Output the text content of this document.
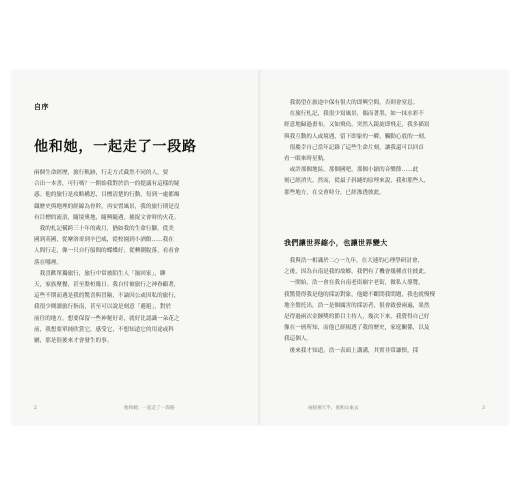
自序
他和她，一起走了一段路

兩個生命經歷，旅行軌跡，行走方式截然不同的人，要

合出一本書，可行嗎？一開始我對於浩一的提議有這樣的疑

惑。他的旅行是攻略構思，目標清楚的行動，每到一處都爆

織歷史與地理的經線為骨幹，再安置風景，我的旅行則是沒

有目標的流浪，隨境奧地，隨興隨遇，捕捉文會時的火花。

　我的札記橫跨三十年的歲月，猶如我的生命行腳，從美

國到英國，從摩洛哥到辛巴威，從校園到小酒館……我在

人間行走，像一只自行船間的蝶蝶好，從轉側脫落，看看會

落在哪裡。

　我喜歡單獨旅行，旅行中常被陌生人「撿回家」，聊

天，家族聚餐，甚至盤桓幾日。我自付被旅行之神眷顧著，

這些不期而遇是我的驚喜與冒險，不論因公或因私的旅行，

我很少閱讀旅行指南，甚至可以說是刻意「避避」，對於

前往的地方，想要保留一些神秘好奇，就好比認識一朵花之

前，我想要單純欣賞它，感受它，不想知道它的用途或科

屬，那是很後來才會發生的事。

2	他和她：一起走了一段路

　我渴望在旅途中保有很大的即興空間，否則會窒息。

　在旅行札記，我很少寫風景，偶而著墨，如一抹水彩不

經意地歸過畫布，又如飛鳥，突然入鏡旋即飛走，我多描寫

與我互動的人或境遇，留下即象的一瞬，觸動心底的一刻。

　很慶幸自己當年記錄了這些生命片刻，讓我還可以回首

看一眼來時星軌。

　或許那個地區，那個國吧，那個小鎮的音樂節……此

刻已經消失。然而，從最子斜縫的原理來說，我和那些人，

那些地方，在交會時分，已經滲透彼此。

我們讓世界縮小，也讓世界變大

　我與浩一相識於二○一九年，在大連的心理學研討會，

之後，因為台南是我的故鄉，我們有了機會幾種直往彼此。

　一開始，浩一會在我台南老街廟宇老街，做私人導覽，

我驚覺得我是他的採訪對象，他總不斷問我問題，我也就慢慢

地全盤托出，浩一是個厲害的採訪者，很會啟發兩遍，果然

是得過兩次金鐘獎的節目主持人，幾次下來，我覺得自己好

像在一層所知，而他已經揭透了我的歷史，家庭關係，以及

我這個人。

　後來我才知道，浩一表面上講溝，其實非常謙慎，採

兩很揚天乎，他和山東去	3
